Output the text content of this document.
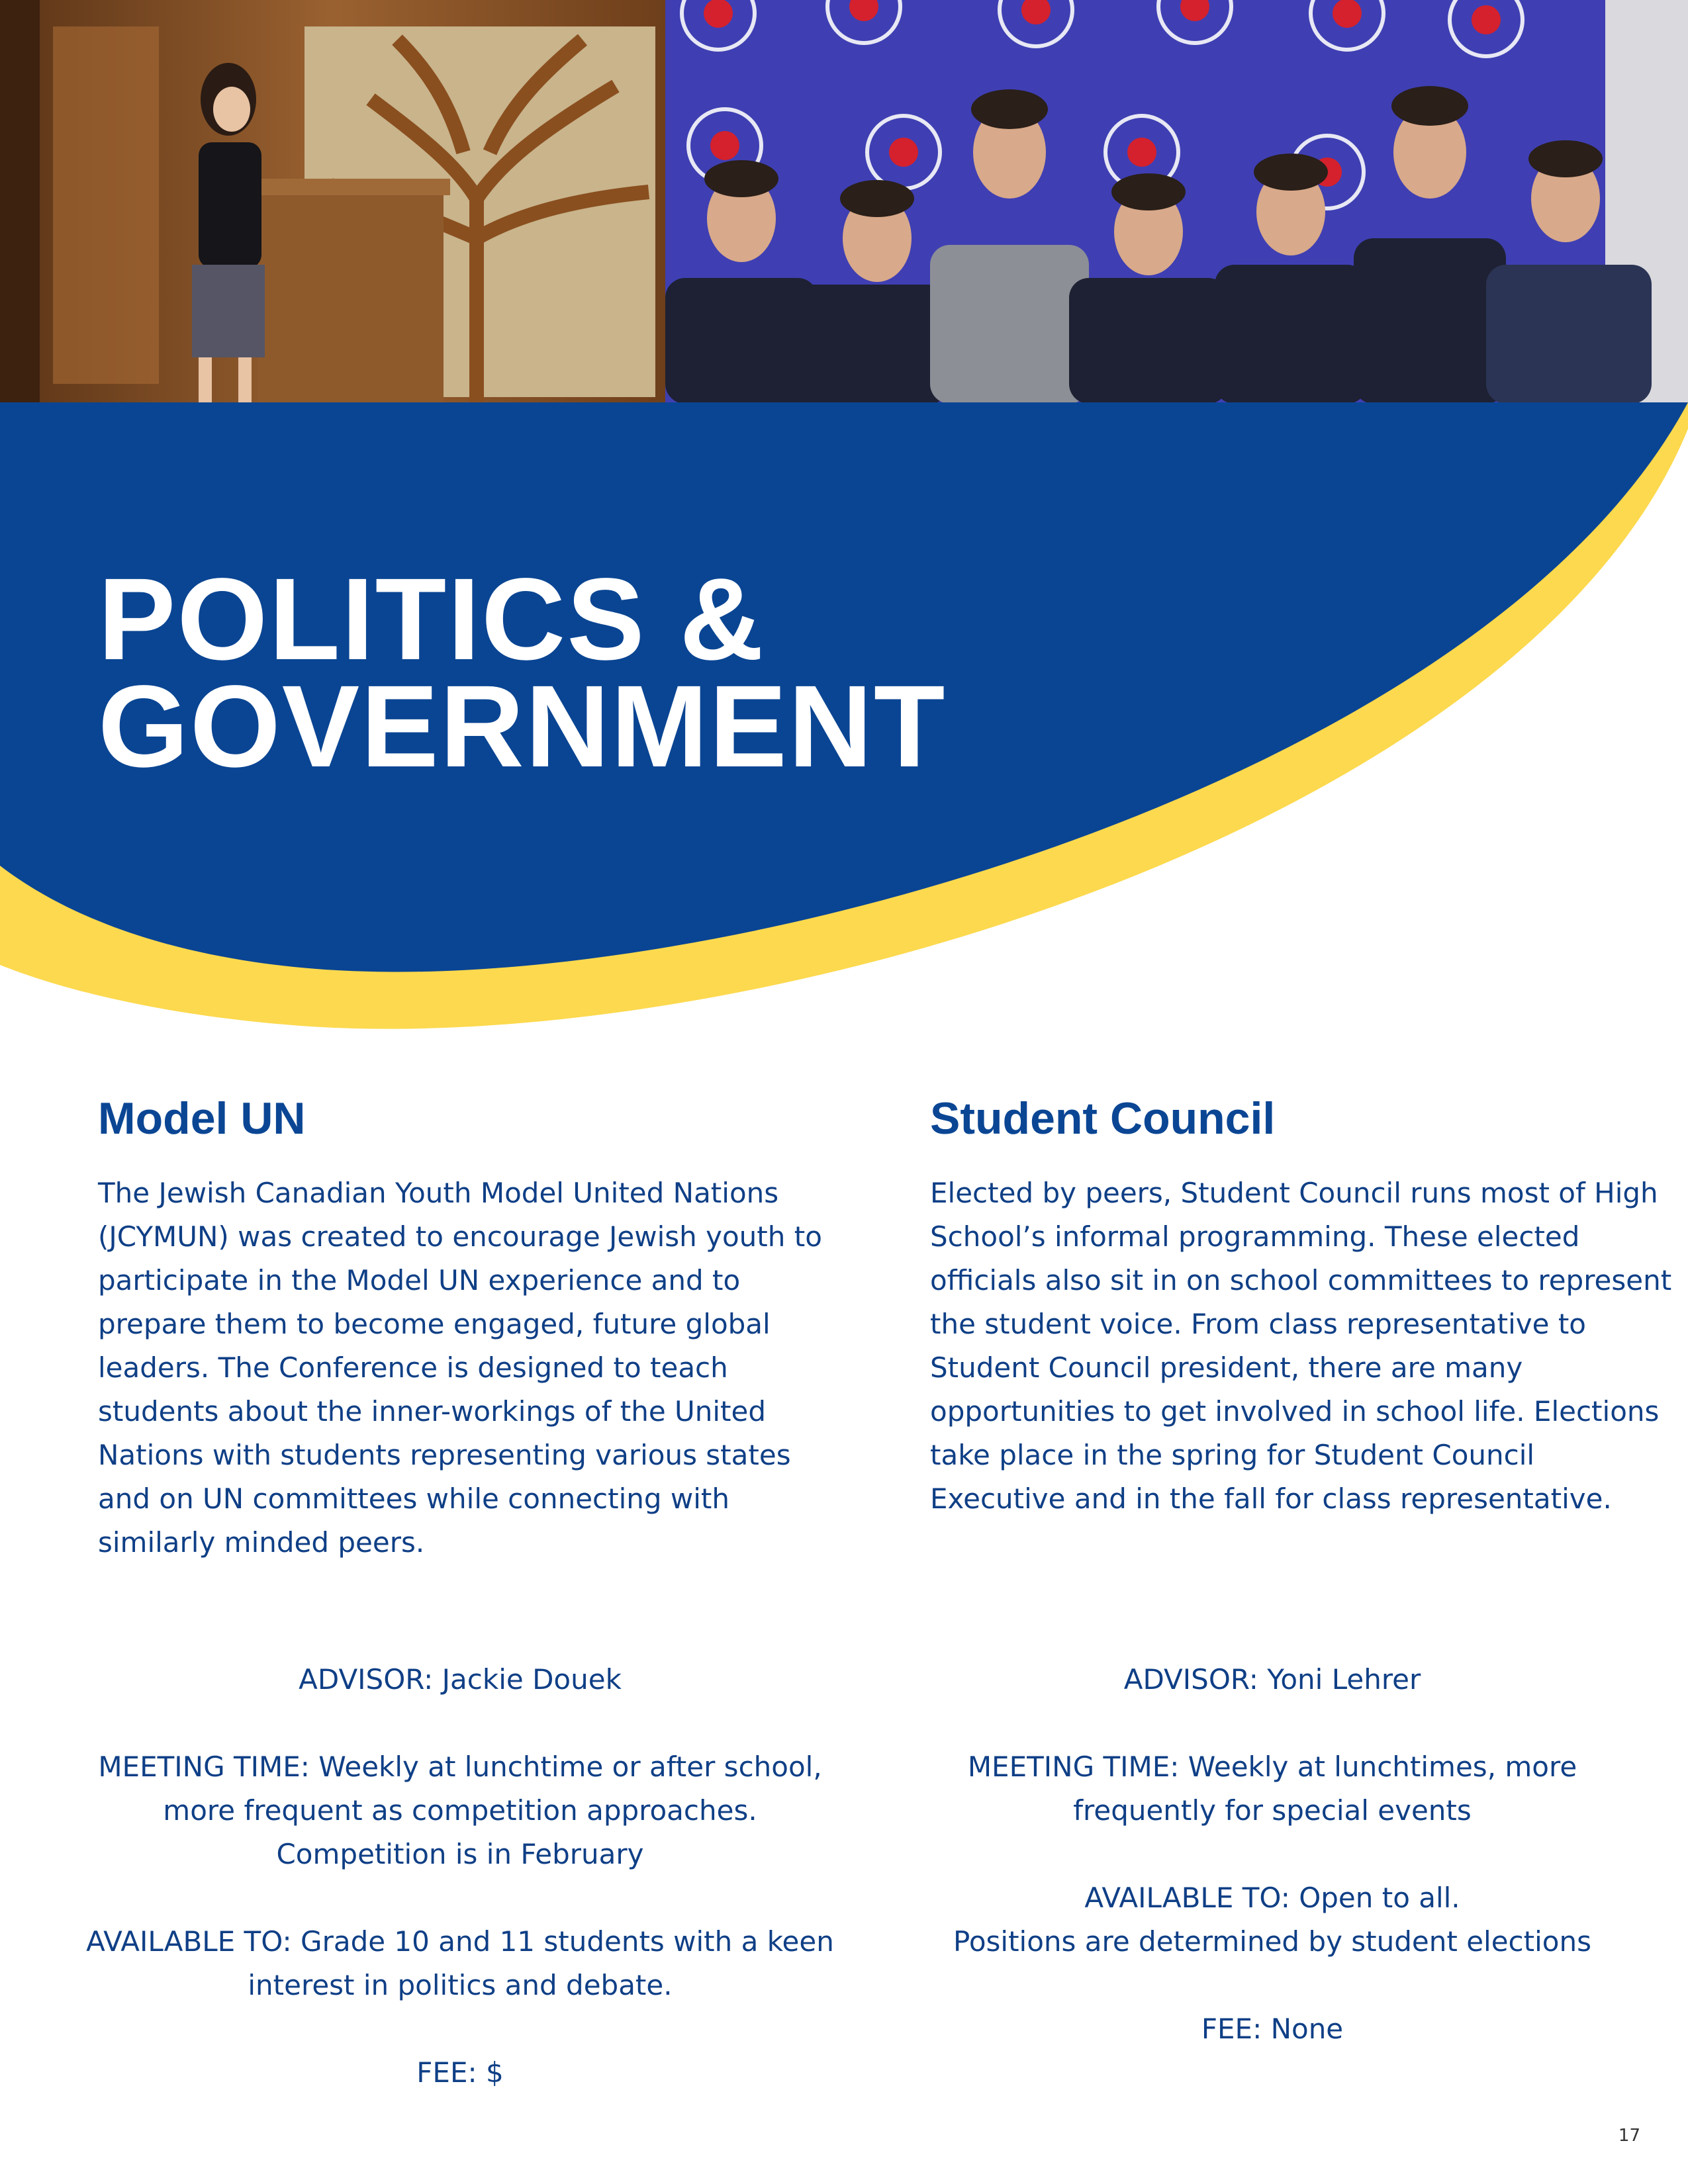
POLITICS &
GOVERNMENT
Model UN

The Jewish Canadian Youth Model United Nations (JCYMUN) was created to encourage Jewish youth to participate in the Model UN experience and to prepare them to become engaged, future global leaders. The Conference is designed to teach students about the inner-workings of the United Nations with students representing various states and on UN committees while connecting with similarly minded peers.

ADVISOR: Jackie Douek
MEETING TIME: Weekly at lunchtime or after school, more frequent as competition approaches. Competition is in February
AVAILABLE TO: Grade 10 and 11 students with a keen interest in politics and debate.
FEE: $
Student Council

Elected by peers, Student Council runs most of High School’s informal programming. These elected officials also sit in on school committees to represent the student voice. From class representative to Student Council president, there are many opportunities to get involved in school life. Elections take place in the spring for Student Council Executive and in the fall for class representative.

ADVISOR: Yoni Lehrer
MEETING TIME: Weekly at lunchtimes, more frequently for special events
AVAILABLE TO: Open to all.
Positions are determined by student elections
FEE: None
17
